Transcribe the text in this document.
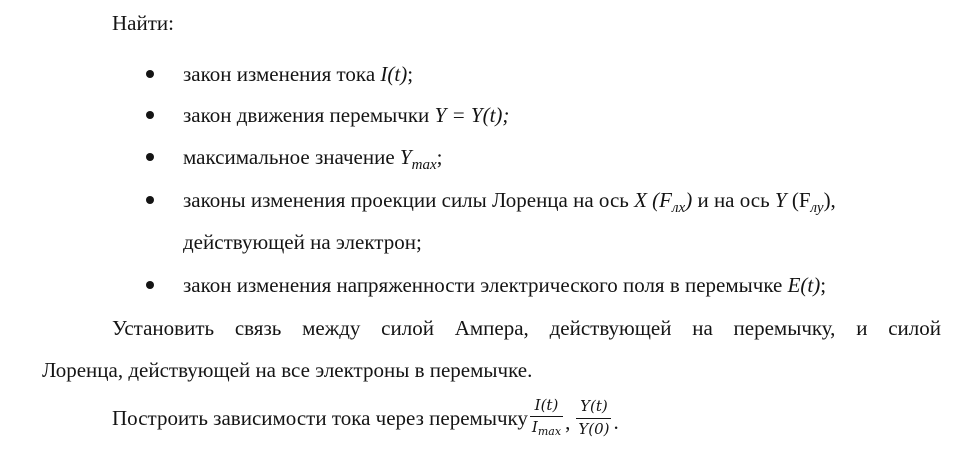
Найти:
закон изменения тока I(t);
закон движения перемычки Y = Y(t);
максимальное значение $Y_{max}$;
законы изменения проекции силы Лоренца на ось X $(F_{лх})$ и на ось Y $(F_{лу})$,
действующей на электрон;
закон изменения напряженности электрического поля в перемычке E(t);
Установить связь между силой Ампера, действующей на перемычку, и силой
Лоренца, действующей на все электроны в перемычке.
Построить зависимости тока через перемычку $\frac{I(t)}{I_{max}}$ , $\frac{Y(t)}{Y(0)}$ .
